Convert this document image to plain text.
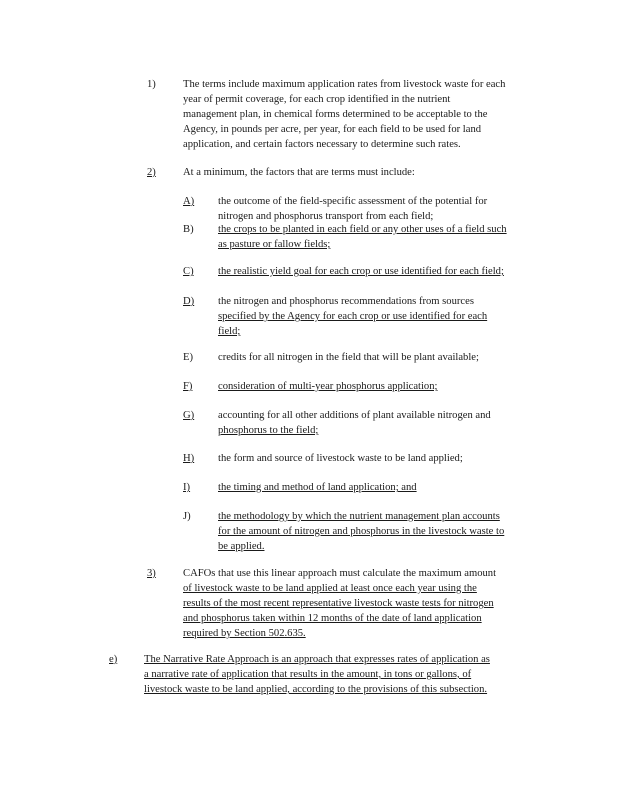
1)	The terms include maximum application rates from livestock waste for each
year of permit coverage, for each crop identified in the nutrient
management plan, in chemical forms determined to be acceptable to the
Agency, in pounds per acre, per year, for each field to be used for land
application, and certain factors necessary to determine such rates.
2)	At a minimum, the factors that are terms must include:
A) the outcome of the field-specific assessment of the potential for
nitrogen and phosphorus transport from each field;
B) the crops to be planted in each field or any other uses of a field such
as pasture or fallow fields;
C) the realistic yield goal for each crop or use identified for each field;
D) the nitrogen and phosphorus recommendations from sources
specified by the Agency for each crop or use identified for each
field;
E) credits for all nitrogen in the field that will be plant available;
F) consideration of multi-year phosphorus application;
G) accounting for all other additions of plant available nitrogen and
phosphorus to the field;
H) the form and source of livestock waste to be land applied;
I)	the timing and method of land application; and
J)	the methodology by which the nutrient management plan accounts
for the amount of nitrogen and phosphorus in the livestock waste to
be applied.
3)	CAFOs that use this linear approach must calculate the maximum amount
of livestock waste to be land applied at least once each year using the
results of the most recent representative livestock waste tests for nitrogen
and phosphorus taken within 12 months of the date of land application
required by Section 502.635.
e)	The Narrative Rate Approach is an approach that expresses rates of application as
a narrative rate of application that results in the amount, in tons or gallons, of
livestock waste to be land applied, according to the provisions of this subsection.
